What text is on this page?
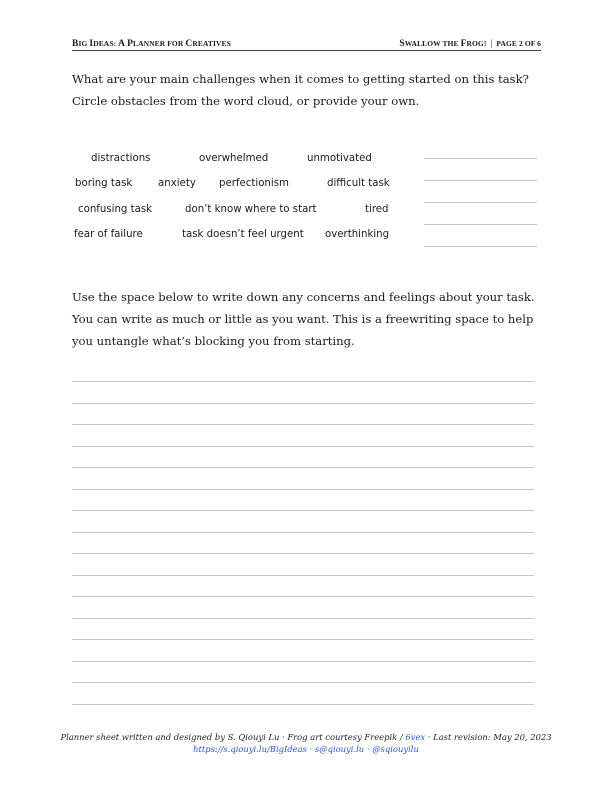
BIG IDEAS: A PLANNER FOR CREATIVES	SWALLOW THE FROG! | PAGE 2 OF 6
What are your main challenges when it comes to getting started on this task? Circle obstacles from the word cloud, or provide your own.
distractions	overwhelmed	unmotivated
boring task	anxiety perfectionism	difficult task
confusing task	don’t know where to start	tired
fear of failure	task doesn’t feel urgent overthinking
Use the space below to write down any concerns and feelings about your task. You can write as much or little as you want. This is a freewriting space to help you untangle what’s blocking you from starting.
Planner sheet written and designed by S. Qiouyi Lu · Frog art courtesy Freepik / 6vex · Last revision: May 20, 2023
https://s.qiouyi.lu/BigIdeas · s@qiouyi.lu · @sqiouyilu
